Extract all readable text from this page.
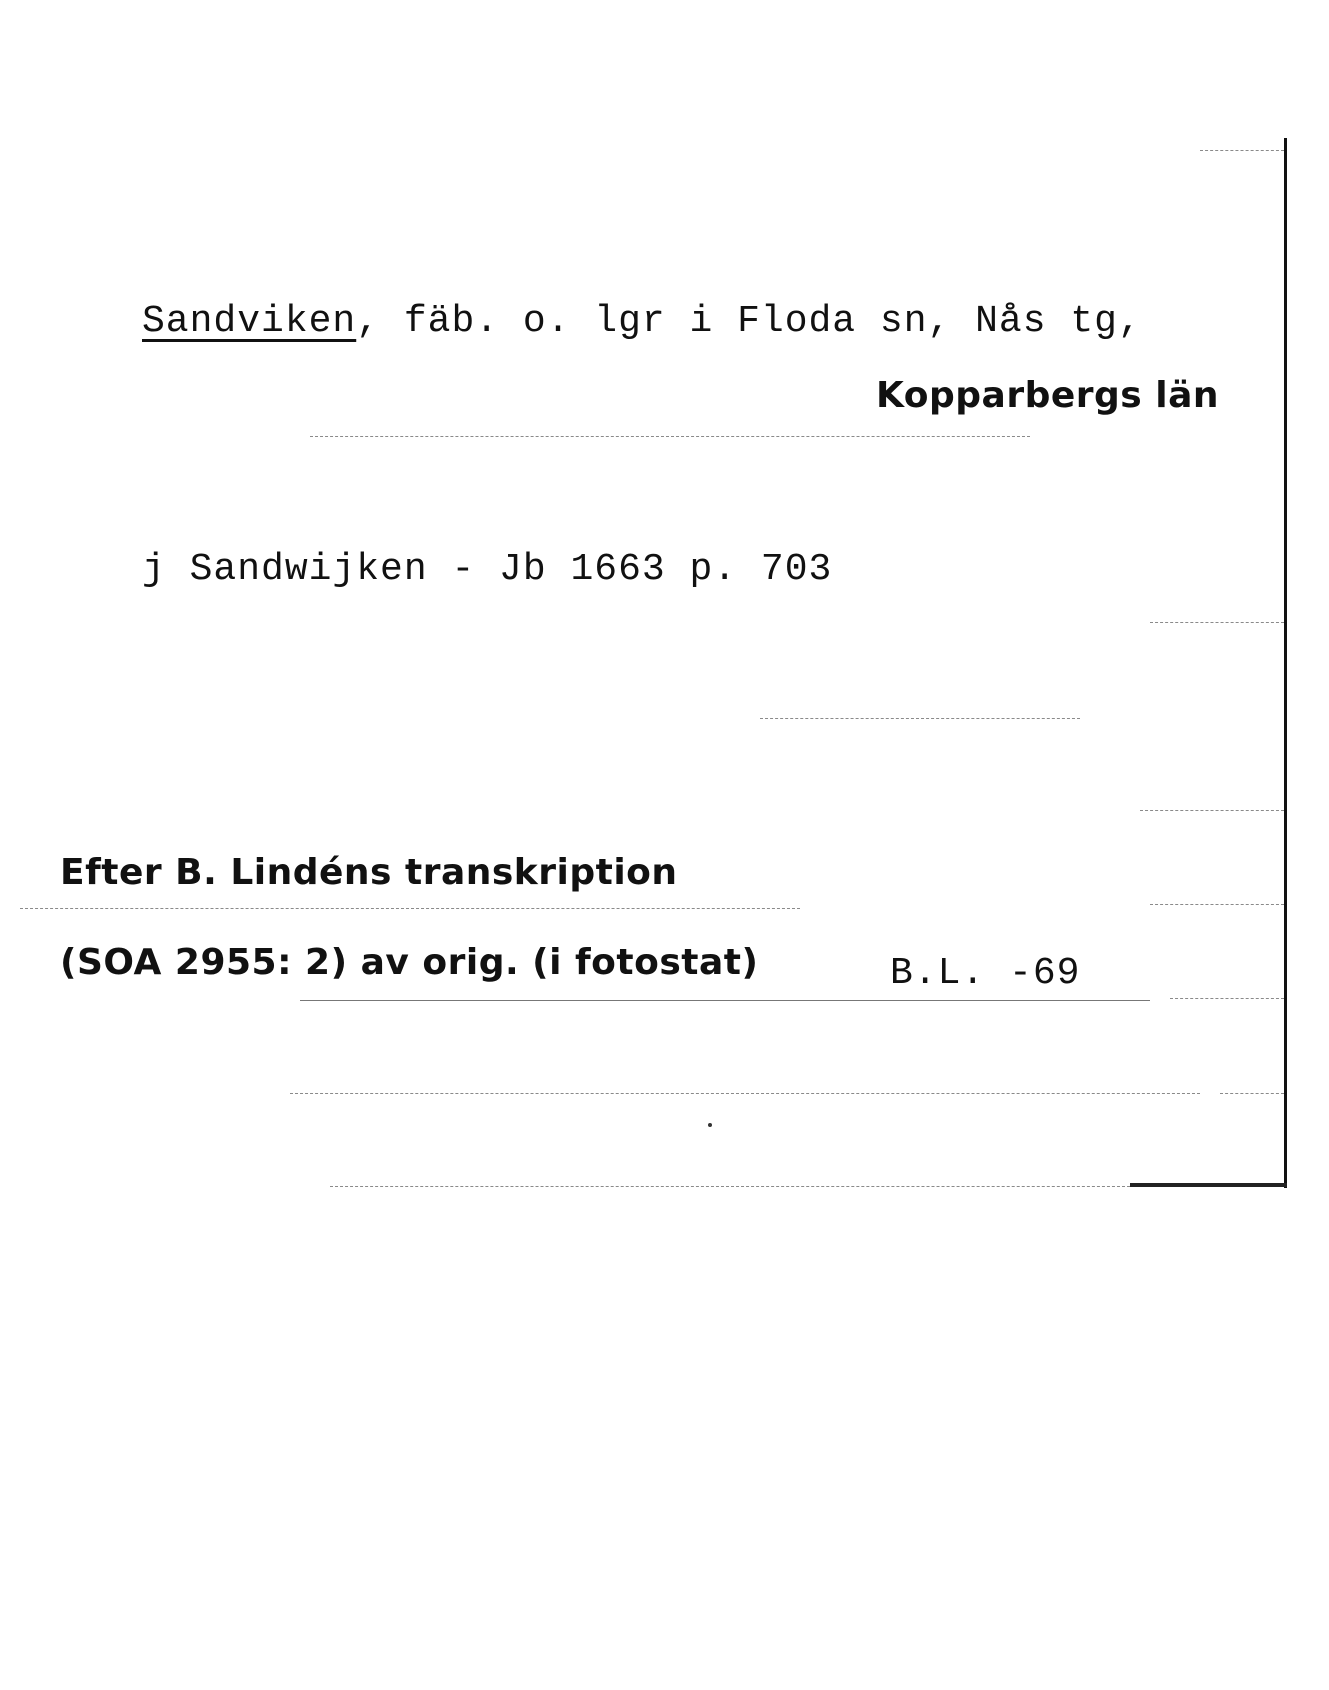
Sandviken, fäb. o. lgr i Floda sn, Nås tg,
Kopparbergs län
j Sandwijken - Jb 1663 p. 703
Efter B. Lindéns transkription
(SOA 2955: 2) av orig. (i fotostat)	B.L. -69
